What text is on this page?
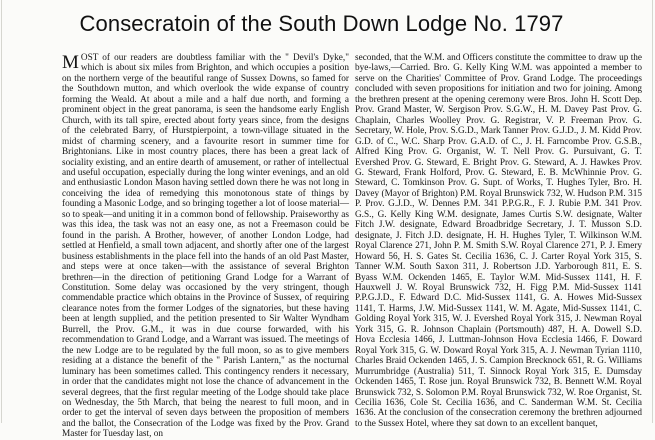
Consecratoin of the South Down Lodge No. 1797

MOST of our readers are doubtless familiar with the " Devil's Dyke," which is about six miles from Brighton, and which occupies a position on the northern verge of the beautiful range of Sussex Downs, so famed for the Southdown mutton, and which overlook the wide expanse of country forming the Weald. At about a mile and a half due north, and forming a prominent object in the great panorama, is seen the handsome early English Church, with its tall spire, erected about forty years since, from the designs of the celebrated Barry, of Hurstpierpoint, a town-village situated in the midst of charming scenery, and a favourite resort in summer time for Brightonians. Like in most country places, there has been a great lack of sociality existing, and an entire dearth of amusement, or rather of intellectual and useful occupation, especially during the long winter evenings, and an old and enthusiastic London Mason having settled down there he was not long in conceiving the idea of remedying this monotonous state of things by founding a Masonic Lodge, and so bringing together a lot of loose material—so to speak—and uniting it in a common bond of fellowship. Praiseworthy as was this idea, the task was not an easy one, as not a Freemason could be found in the parish. A Brother, however, of another London Lodge, had settled at Henfield, a small town adjacent, and shortly after one of the largest business establishments in the place fell into the hands of an old Past Master, and steps were at once taken—with the assistance of several Brighton brethren—in the direction of petitioning Grand Lodge for a Warrant of Constitution. Some delay was occasioned by the very stringent, though commendable practice which obtains in the Province of Sussex, of requiring clearance notes from the former Lodges of the signatories, but these having been at length supplied, and the petition presented to Sir Walter Wyndham Burrell, the Prov. G.M., it was in due course forwarded, with his recommendation to Grand Lodge, and a Warrant was issued. The meetings of the new Lodge are to be regulated by the full moon, so as to give members residing at a distance the benefit of the " Parish Lantern," as the nocturnal luminary has been sometimes called. This contingency renders it necessary, in order that the candidates might not lose the chance of advancement in the several degrees, that the first regular meeting of the Lodge should take place on Wednesday, the 5th March, that being the nearest to full moon, and in order to get the interval of seven days between the proposition of members and the ballot, the Consecration of the Lodge was fixed by the Prov. Grand Master for Tuesday last, on

seconded, that the W.M. and Officers constitute the committee to draw up the bye-laws,—Carried. Bro. G. Kelly King W.M. was appointed a member to serve on the Charities' Committee of Prov. Grand Lodge. The proceedings concluded with seven propositions for initiation and two for joining. Among the brethren present at the opening ceremony were Bros. John H. Scott Dep. Prov. Grand Master, W. Sergison Prov. S.G.W., H. M. Davey Past Prov. G. Chaplain, Charles Woolley Prov. G. Registrar, V. P. Freeman Prov. G. Secretary, W. Hole, Prov. S.G.D., Mark Tanner Prov. G.J.D., J. M. Kidd Prov. G.D. of C., W.C. Sharp Prov. G.A.D. of C., J. H. Farncombe Prov. G.S.B., Alfred King Prov. G. Organist, W. T. Nell Prov. G. Pursuivant, G. T. Evershed Prov. G. Steward, E. Bright Prov. G. Steward, A. J. Hawkes Prov. G. Steward, Frank Holford, Prov. G. Steward, E. B. McWhinnie Prov. G. Steward, C. Tomkinson Prov. G. Supt. of Works, T. Hughes Tyler, Bro. H. Davey (Mayor of Brighton) P.M. Royal Brunswick 732, W. Hudson P.M. 315 P. Prov. G.J.D., W. Dennes P.M. 341 P.P.G.R., F. J. Rubie P.M. 341 Prov. G.S., G. Kelly King W.M. designate, James Curtis S.W. designate, Walter Fitch J.W. designate, Edward Broadbridge Secretary, J. T. Musson S.D. designate, J. Fitch J.D. designate, H. H. Hughes Tyler, T. Wilkinson W.M. Royal Clarence 271, John P. M. Smith S.W. Royal Clarence 271, P. J. Emery Howard 56, H. S. Gates St. Cecilia 1636, C. J. Carter Royal York 315, S. Tanner W.M. South Saxon 311, J. Robertson J.D. Yarborough 811, E. S. Byass W.M. Ockenden 1465, E. Taylor W.M. Mid-Sussex 1141, H. F. Hauxwell J. W. Royal Brunswick 732, H. Figg P.M. Mid-Sussex 1141 P.P.G.J.D., F. Edward D.C. Mid-Sussex 1141, G. A. Howes Mid-Sussex 1141, T. Harms, J.W. Mid-Sussex 1141, W. M. Agate, Mid-Sussex 1141, C. Golding Royal York 315, W. J. Evershed Royal York 315, J. Newman Royal York 315, G. R. Johnson Chaplain (Portsmouth) 487, H. A. Dowell S.D. Hova Ecclesia 1466, J. Luttman-Johnson Hova Ecclesia 1466, F. Doward Royal York 315, G. W. Doward Royal York 315, A. J. Newman Tyrian 1110, Charles Braid Ockenden 1465, J. S. Campion Brecknock 651, R. G. Williams Murrumbridge (Australia) 511, T. Sinnock Royal York 315, E. Dumsday Ockenden 1465, T. Rose jun. Royal Brunswick 732, B. Bennett W.M. Royal Brunswick 732, S. Solomon P.M. Royal Brunswick 732, W. Roe Organist, St. Cecilia 1636, Cole St. Cecilia 1636, and C. Sanderman W.M. St. Cecilia 1636. At the conclusion of the consecration ceremony the brethren adjourned to the Sussex Hotel, where they sat down to an excellent banquet,
